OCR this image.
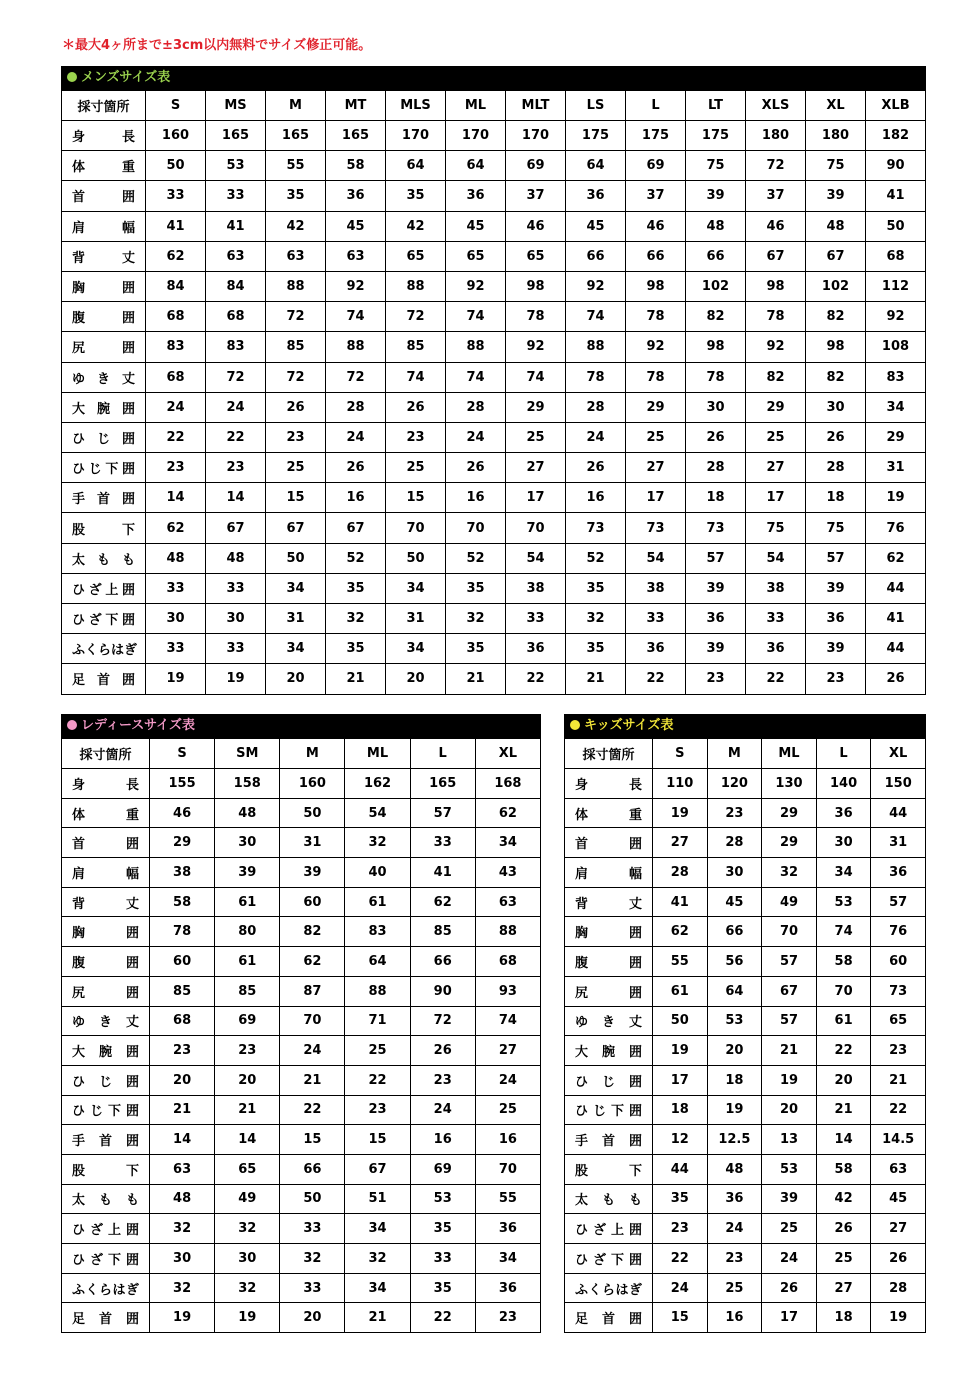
＊最大4ヶ所まで±3cm以内無料でサイズ修正可能。
メンズサイズ表
採寸箇所	S	MS	M	MT	MLS	ML	MLT	LS	L	LT	XLS	XL	XLB
身　長	160	165	165	165	170	170	170	175	175	175	180	180	182
体　重	50	53	55	58	64	64	69	64	69	75	72	75	90
首　囲	33	33	35	36	35	36	37	36	37	39	37	39	41
肩　幅	41	41	42	45	42	45	46	45	46	48	46	48	50
背　丈	62	63	63	63	65	65	65	66	66	66	67	67	68
胸　囲	84	84	88	92	88	92	98	92	98	102	98	102	112
腹　囲	68	68	72	74	72	74	78	74	78	82	78	82	92
尻　囲	83	83	85	88	85	88	92	88	92	98	92	98	108
ゆき丈	68	72	72	72	74	74	74	78	78	78	82	82	83
大腕囲	24	24	26	28	26	28	29	28	29	30	29	30	34
ひじ囲	22	22	23	24	23	24	25	24	25	26	25	26	29
ひじ下囲	23	23	25	26	25	26	27	26	27	28	27	28	31
手首囲	14	14	15	16	15	16	17	16	17	18	17	18	19
股　下	62	67	67	67	70	70	70	73	73	73	75	75	76
太もも	48	48	50	52	50	52	54	52	54	57	54	57	62
ひざ上囲	33	33	34	35	34	35	38	35	38	39	38	39	44
ひざ下囲	30	30	31	32	31	32	33	32	33	36	33	36	41
ふくらはぎ	33	33	34	35	34	35	36	35	36	39	36	39	44
足首囲	19	19	20	21	20	21	22	21	22	23	22	23	26
レディースサイズ表
採寸箇所	S	SM	M	ML	L	XL
身　長	155	158	160	162	165	168
体　重	46	48	50	54	57	62
首　囲	29	30	31	32	33	34
肩　幅	38	39	39	40	41	43
背　丈	58	61	60	61	62	63
胸　囲	78	80	82	83	85	88
腹　囲	60	61	62	64	66	68
尻　囲	85	85	87	88	90	93
ゆき丈	68	69	70	71	72	74
大腕囲	23	23	24	25	26	27
ひじ囲	20	20	21	22	23	24
ひじ下囲	21	21	22	23	24	25
手首囲	14	14	15	15	16	16
股　下	63	65	66	67	69	70
太もも	48	49	50	51	53	55
ひざ上囲	32	32	33	34	35	36
ひざ下囲	30	30	32	32	33	34
ふくらはぎ	32	32	33	34	35	36
足首囲	19	19	20	21	22	23
キッズサイズ表
採寸箇所	S	M	ML	L	XL
身　長	110	120	130	140	150
体　重	19	23	29	36	44
首　囲	27	28	29	30	31
肩　幅	28	30	32	34	36
背　丈	41	45	49	53	57
胸　囲	62	66	70	74	76
腹　囲	55	56	57	58	60
尻　囲	61	64	67	70	73
ゆき丈	50	53	57	61	65
大腕囲	19	20	21	22	23
ひじ囲	17	18	19	20	21
ひじ下囲	18	19	20	21	22
手首囲	12	12.5	13	14	14.5
股　下	44	48	53	58	63
太もも	35	36	39	42	45
ひざ上囲	23	24	25	26	27
ひざ下囲	22	23	24	25	26
ふくらはぎ	24	25	26	27	28
足首囲	15	16	17	18	19
